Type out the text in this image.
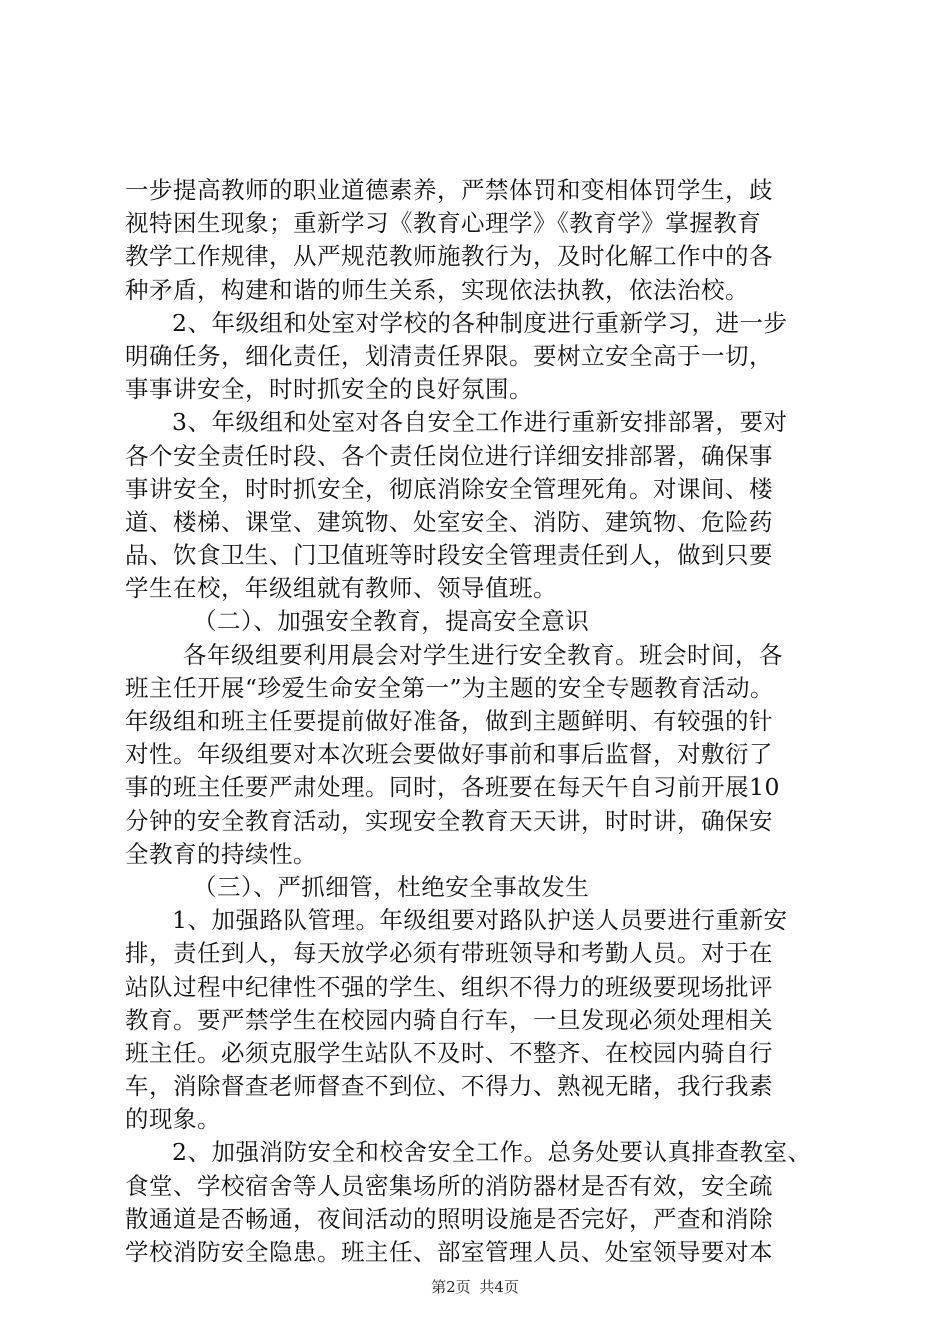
一步提高教师的职业道德素养，严禁体罚和变相体罚学生，歧
视特困生现象；重新学习《教育心理学》《教育学》掌握教育
教学工作规律，从严规范教师施教行为，及时化解工作中的各
种矛盾，构建和谐的师生关系，实现依法执教，依法治校。
2、年级组和处室对学校的各种制度进行重新学习，进一步
明确任务，细化责任，划清责任界限。要树立安全高于一切，
事事讲安全，时时抓安全的良好氛围。
3、年级组和处室对各自安全工作进行重新安排部署，要对
各个安全责任时段、各个责任岗位进行详细安排部署，确保事
事讲安全，时时抓安全，彻底消除安全管理死角。对课间、楼
道、楼梯、课堂、建筑物、处室安全、消防、建筑物、危险药
品、饮食卫生、门卫值班等时段安全管理责任到人，做到只要
学生在校，年级组就有教师、领导值班。
（二）、加强安全教育，提高安全意识
各年级组要利用晨会对学生进行安全教育。班会时间，各
班主任开展“珍爱生命安全第一”为主题的安全专题教育活动。
年级组和班主任要提前做好准备，做到主题鲜明、有较强的针
对性。年级组要对本次班会要做好事前和事后监督，对敷衍了
事的班主任要严肃处理。同时，各班要在每天午自习前开展10
分钟的安全教育活动，实现安全教育天天讲，时时讲，确保安
全教育的持续性。
（三）、严抓细管，杜绝安全事故发生
1、加强路队管理。年级组要对路队护送人员要进行重新安
排，责任到人，每天放学必须有带班领导和考勤人员。对于在
站队过程中纪律性不强的学生、组织不得力的班级要现场批评
教育。要严禁学生在校园内骑自行车，一旦发现必须处理相关
班主任。必须克服学生站队不及时、不整齐、在校园内骑自行
车，消除督查老师督查不到位、不得力、熟视无睹，我行我素
的现象。
2、加强消防安全和校舍安全工作。总务处要认真排查教室、
食堂、学校宿舍等人员密集场所的消防器材是否有效，安全疏
散通道是否畅通，夜间活动的照明设施是否完好，严查和消除
学校消防安全隐患。班主任、部室管理人员、处室领导要对本
第2页 共4页
